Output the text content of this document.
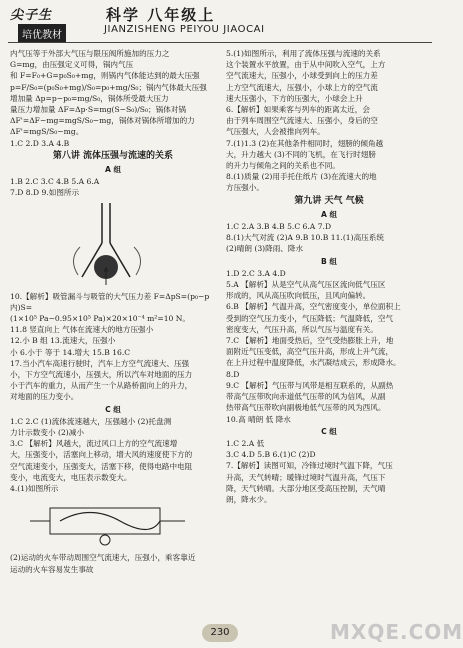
尖子生
培优教材
科学 八年级上
JIANZISHENG PEIYOU JIAOCAI

内气压等于外部大气压与限压阀所施加的压力之

G=mg，由压强定义可得，锅内气压

和 F=F₀+G=p₀S₀+mg，则锅内气体能达到的最大压强

p=F/S₀=(p₀S₀+mg)/S₀=p₀+mg/S₀；锅内气体最大压强

增加量 Δp=p−p₀=mg/S₀，锅体所受最大压力

量压力增加量 ΔF=Δp·S=mg(S−S₀)/S₀；锅体对锅

ΔF'=ΔF−mg=mgS/S₀−mg，锅体对锅体所增加的力

ΔF'=mgS/S₀−mg。

1.C 2.D 3.A 4.B

第八讲 流体压强与流速的关系
A 组

1.B 2.C 3.C 4.B 5.A 6.A

7.D 8.D 9.如图所示

10.【解析】吸管漏斗与吸管的大气压力差 F=ΔpS=(p₀−p内)S=

(1×10⁵ Pa−0.95×10⁵ Pa)×20×10⁻⁴ m²=10 N。

11.8 竖直向上 气体在流速大的地方压强小

12.小 B 组 13.流速大，压强小

小 6.小于 等于 14.增大 15.B 16.C

17.当小汽车高速行驶时，汽车上方空气流速大、压强

小，下方空气流速小，压强大，所以汽车对地面的压力

小于汽车的重力，从而产生一个从路桥面向上的升力，

对地面的压力变小。

C 组

1.C 2.C (1)流体流速越大，压强越小 (2)托盘测

力计示数变小 (2)减小

3.C 【解析】风越大，流过风口上方的空气流速增

大，压强变小，活塞向上移动，增大风的速度使下方的

空气流速变小，压强变大，活塞下移，使得电路中电阻

变小，电流变大，电压表示数变大。

4.(1)如图所示

(2)运动的火车带动周围空气流速大，压强小，乘客靠近

运动的火车容易发生事故

5.(1)如图所示，利用了流体压强与流速的关系

这个装置水平放置，由于从中间吹入空气，上方

空气流速大，压强小，小球受到向上的压力差

上方空气流速大，压强小，小球上方的空气流

速大压强小，下方的压强大，小球会上升

6.【解析】如果乘客与列车的距离太近，会

由于列车周围空气流速大、压强小，身后的空

气压强大，人会被推向列车。

7.(1)1.3 (2)在其他条件相同时，翅膀的倾角越

大，升力越大 (3)不同的飞机，在飞行时翅膀

的升力与倾角之间的关系也不同。

8.(1)质量 (2)用手托住纸片 (3)在流速大的地

方压强小。

第九讲 天气 气候
A 组

1.C 2.A 3.B 4.B 5.C 6.A 7.D

8.(1)大气对流 (2)A 9.B 10.B 11.(1)高压系统

(2)晴朗 (3)降雨、降水

B 组

1.D 2.C 3.A 4.D

5.A 【解析】从是空气从高气压区流向低气压区

形成的，风从高压吹向低压，且风向偏转。

6.B 【解析】气温升高，空气密度变小，单位面积上

受到的空气压力变小，气压降低；气温降低，空气

密度变大，气压升高，所以气压与温度有关。

7.C 【解析】地面受热后，空气受热膨胀上升，地

面附近气压变低，高空气压升高，形成上升气流，

在上升过程中温度降低，水汽凝结成云，形成降水。

8.D

9.C 【解析】气压带与风带是相互联系的，从副热

带高气压带吹向赤道低气压带的风为信风，从副

热带高气压带吹向副极地低气压带的风为西风。

10.高 晴朗 低 降水

C 组

1.C 2.A 低

3.C 4.D 5.B 6.(1)C (2)D

7.【解析】读图可知，冷锋过境时气温下降，气压

升高，天气转晴；暖锋过境时气温升高，气压下

降，天气转晴。大部分地区受高压控制，天气晴

朗，降水少。

230	MXQE.COM
